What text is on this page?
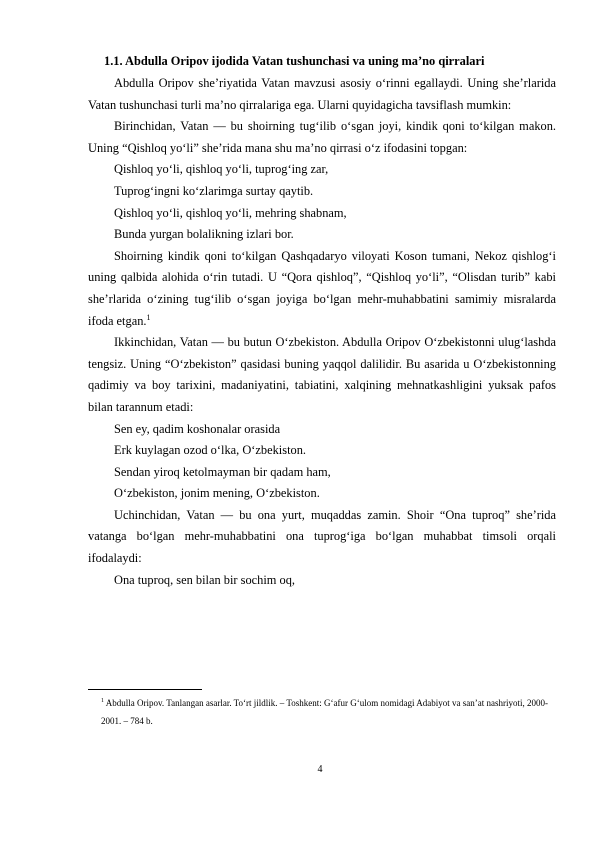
1.1. Abdulla Oripov ijodida Vatan tushunchasi va uning ma’no qirralari

Abdulla Oripov she’riyatida Vatan mavzusi asosiy o‘rinni egallaydi. Uning she’rlarida Vatan tushunchasi turli ma’no qirralariga ega. Ularni quyidagicha tavsiflash mumkin:

Birinchidan, Vatan — bu shoirning tug‘ilib o‘sgan joyi, kindik qoni to‘kilgan makon. Uning “Qishloq yo‘li” she’rida mana shu ma’no qirrasi o‘z ifodasini topgan:

Qishloq yo‘li, qishloq yo‘li, tuprog‘ing zar,

Tuprog‘ingni ko‘zlarimga surtay qaytib.

Qishloq yo‘li, qishloq yo‘li, mehring shabnam,

Bunda yurgan bolalikning izlari bor.

Shoirning kindik qoni to‘kilgan Qashqadaryo viloyati Koson tumani, Nekoz qishlog‘i uning qalbida alohida o‘rin tutadi. U “Qora qishloq”, “Qishloq yo‘li”, “Olisdan turib” kabi she’rlarida o‘zining tug‘ilib o‘sgan joyiga bo‘lgan mehr-muhabbatini samimiy misralarda ifoda etgan.$^1$

Ikkinchidan, Vatan — bu butun O‘zbekiston. Abdulla Oripov O‘zbekistonni ulug‘lashda tengsiz. Uning “O‘zbekiston” qasidasi buning yaqqol dalilidir. Bu asarida u O‘zbekistonning qadimiy va boy tarixini, madaniyatini, tabiatini, xalqining mehnatkashligini yuksak pafos bilan tarannum etadi:

Sen ey, qadim koshonalar orasida

Erk kuylagan ozod o‘lka, O‘zbekiston.

Sendan yiroq ketolmayman bir qadam ham,

O‘zbekiston, jonim mening, O‘zbekiston.

Uchinchidan, Vatan — bu ona yurt, muqaddas zamin. Shoir “Ona tuproq” she’rida vatanga bo‘lgan mehr-muhabbatini ona tuprog‘iga bo‘lgan muhabbat timsoli orqali ifodalaydi:

Ona tuproq, sen bilan bir sochim oq,

$^1$ Abdulla Oripov. Tanlangan asarlar. To‘rt jildlik. – Toshkent: G‘afur G‘ulom nomidagi Adabiyot va san’at nashriyoti, 2000-2001. – 784 b.
4
